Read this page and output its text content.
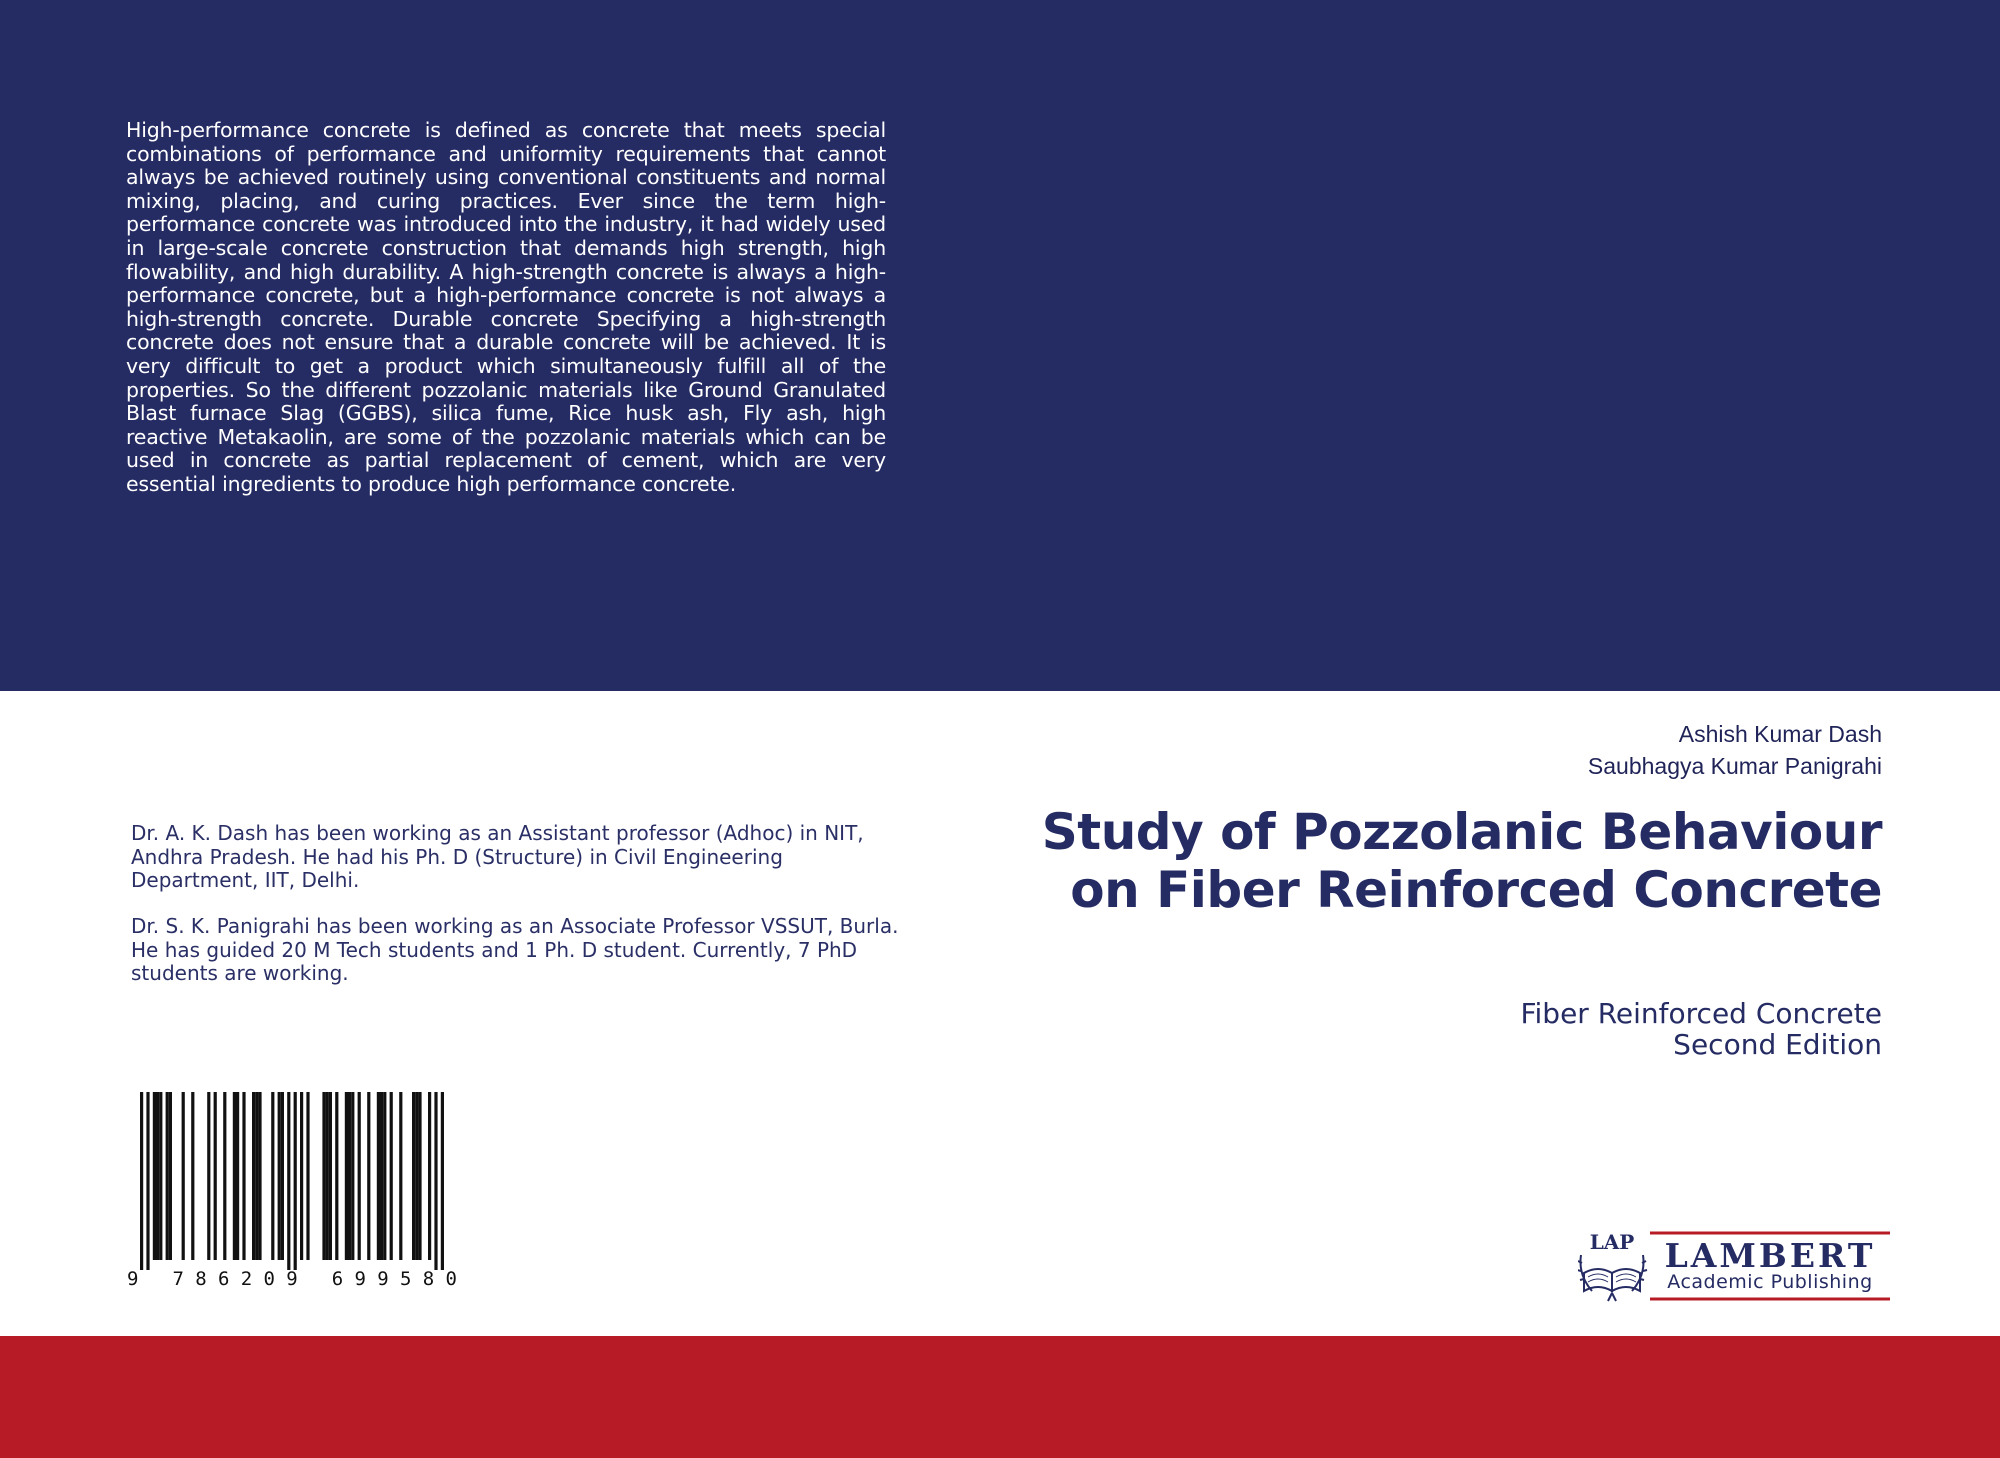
High-performance concrete is defined as concrete that meets special combinations of performance and uniformity requirements that cannot always be achieved routinely using conventional constituents and normal mixing, placing, and curing practices. Ever since the term high-performance concrete was introduced into the industry, it had widely used in large-scale concrete construction that demands high strength, high flowability, and high durability. A high-strength concrete is always a high-performance concrete, but a high-performance concrete is not always a high-strength concrete. Durable concrete Specifying a high-strength concrete does not ensure that a durable concrete will be achieved. It is very difficult to get a product which simultaneously fulfill all of the properties. So the different pozzolanic materials like Ground Granulated Blast furnace Slag (GGBS), silica fume, Rice husk ash, Fly ash, high reactive Metakaolin, are some of the pozzolanic materials which can be used in concrete as partial replacement of cement, which are very essential ingredients to produce high performance concrete.
Dr. A. K. Dash has been working as an Assistant professor (Adhoc) in NIT, Andhra Pradesh. He had his Ph. D (Structure) in Civil Engineering Department, IIT, Delhi.
Dr. S. K. Panigrahi has been working as an Associate Professor VSSUT, Burla. He has guided 20 M Tech students and 1 Ph. D student. Currently, 7 PhD students are working.
Ashish Kumar Dash
Saubhagya Kumar Panigrahi
Study of Pozzolanic Behaviour on Fiber Reinforced Concrete
Fiber Reinforced Concrete
Second Edition
9 786209 699580
LAP LAMBERT
Academic Publishing
